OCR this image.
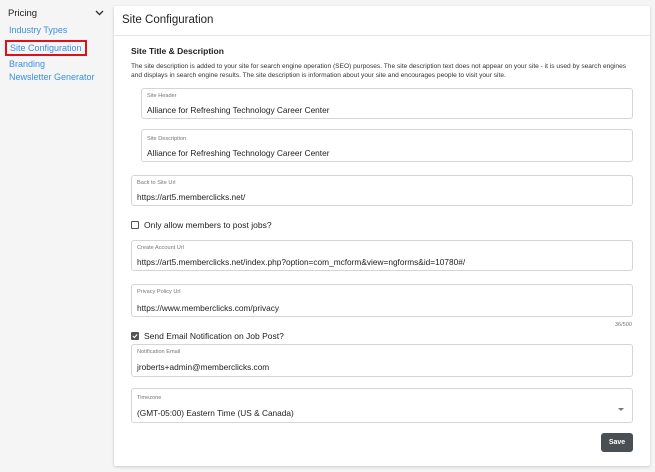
Pricing
Industry Types
Site Configuration
Branding
Newsletter Generator
Site Configuration
Site Title & Description
The site description is added to your site for search engine operation (SEO) purposes. The site description text does not appear on your site - it is used by search engines and displays in search engine results. The site description is information about your site and encourages people to visit your site.
Site Header
Alliance for Refreshing Technology Career Center
Site Description
Alliance for Refreshing Technology Career Center
Back to Site Url
https://art5.memberclicks.net/
Only allow members to post jobs?
Create Account Url
https://art5.memberclicks.net/index.php?option=com_mcform&view=ngforms&id=10780#/
Privacy Policy Url
https://www.memberclicks.com/privacy
36/500
Send Email Notification on Job Post?
Notification Email
jroberts+admin@memberclicks.com
Timezone
(GMT-05:00) Eastern Time (US & Canada)
Save
